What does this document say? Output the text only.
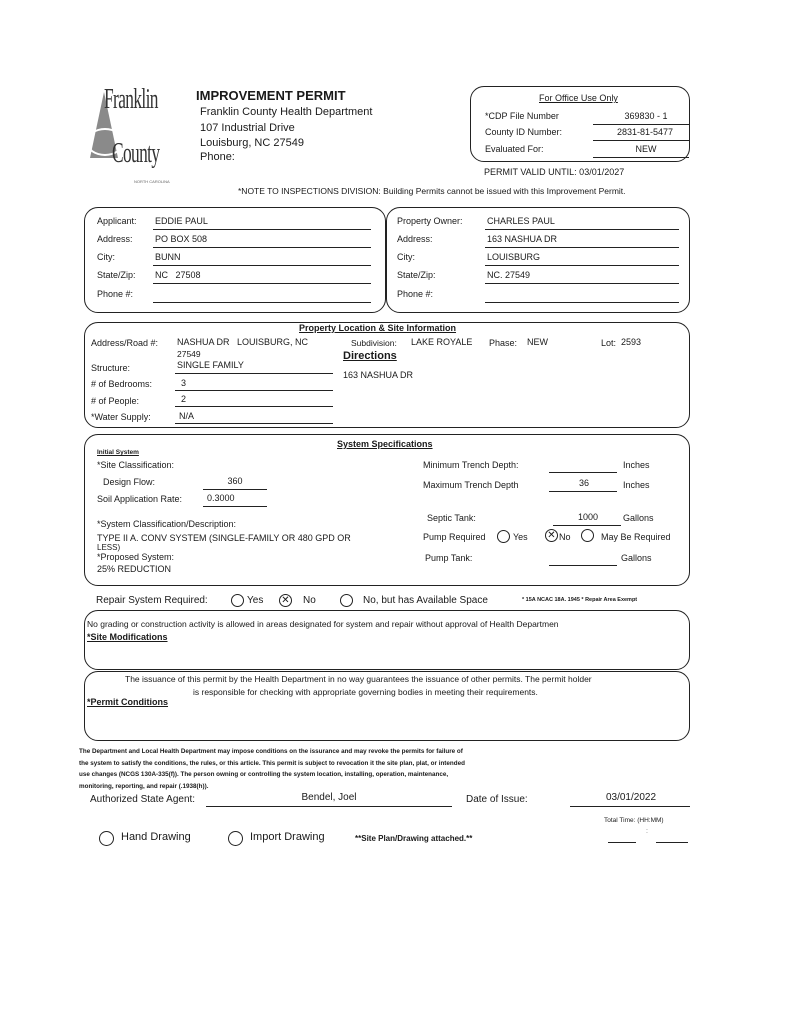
Franklin
County
NORTH CAROLINA
IMPROVEMENT PERMIT
Franklin County Health Department
107 Industrial Drive
Louisburg, NC 27549
Phone:
For Office Use Only
*CDP File Number	369830 - 1
County ID Number:	2831-81-5477
Evaluated For:	NEW
PERMIT VALID UNTIL: 03/01/2027
*NOTE TO INSPECTIONS DIVISION: Building Permits cannot be issued with this Improvement Permit.
Applicant: EDDIE PAUL
Address: PO BOX 508
City:	BUNN
State/Zip: NC   27508
Phone #:
Property Owner:	CHARLES PAUL
Address:	163 NASHUA DR
City:	LOUISBURG
State/Zip:	NC. 27549
Phone #:
Property Location & Site Information
Address/Road #: NASHUA DR   LOUISBURG, NC
27549
Subdivision: LAKE ROYALE Phase: NEW	Lot: 2593
Directions
163 NASHUA DR
Structure:	SINGLE FAMILY
# of Bedrooms:	3
# of People:	2
*Water Supply:	N/A
System Specifications
Initial System
*Site Classification:
Design Flow:	360
Soil Application Rate:	0.3000
*System Classification/Description:
TYPE II A. CONV SYSTEM (SINGLE-FAMILY OR 480 GPD OR
LESS)
*Proposed System:
25% REDUCTION
Minimum Trench Depth:	Inches
Maximum Trench Depth	36	Inches
Septic Tank:	1000	Gallons
Pump Required	Yes ✕ No	May Be Required
Pump Tank:	Gallons
Repair System Required:	Yes ✕ No	No, but has Available Space	* 15A NCAC 18A. 1945 * Repair Area Exempt
No grading or construction activity is allowed in areas designated for system and repair without approval of Health Departmen
*Site Modifications
The issuance of this permit by the Health Department in no way guarantees the issuance of other permits. The permit holder
is responsible for checking with appropriate governing bodies in meeting their requirements.
*Permit Conditions
The Department and Local Health Department may impose conditions on the issurance and may revoke the permits for failure of
the system to satisfy the conditions, the rules, or this article. This permit is subject to revocation it the site plan, plat, or intended
use changes (NCGS 130A-335(f)). The person owning or controlling the system location, installing, operation, maintenance,
monitoring, reporting, and repair (.1938(h)).
Authorized State Agent:	Bendel, Joel	Date of Issue:	03/01/2022
Total Time: (HH:MM)
:
Hand Drawing	Import Drawing	**Site Plan/Drawing attached.**
